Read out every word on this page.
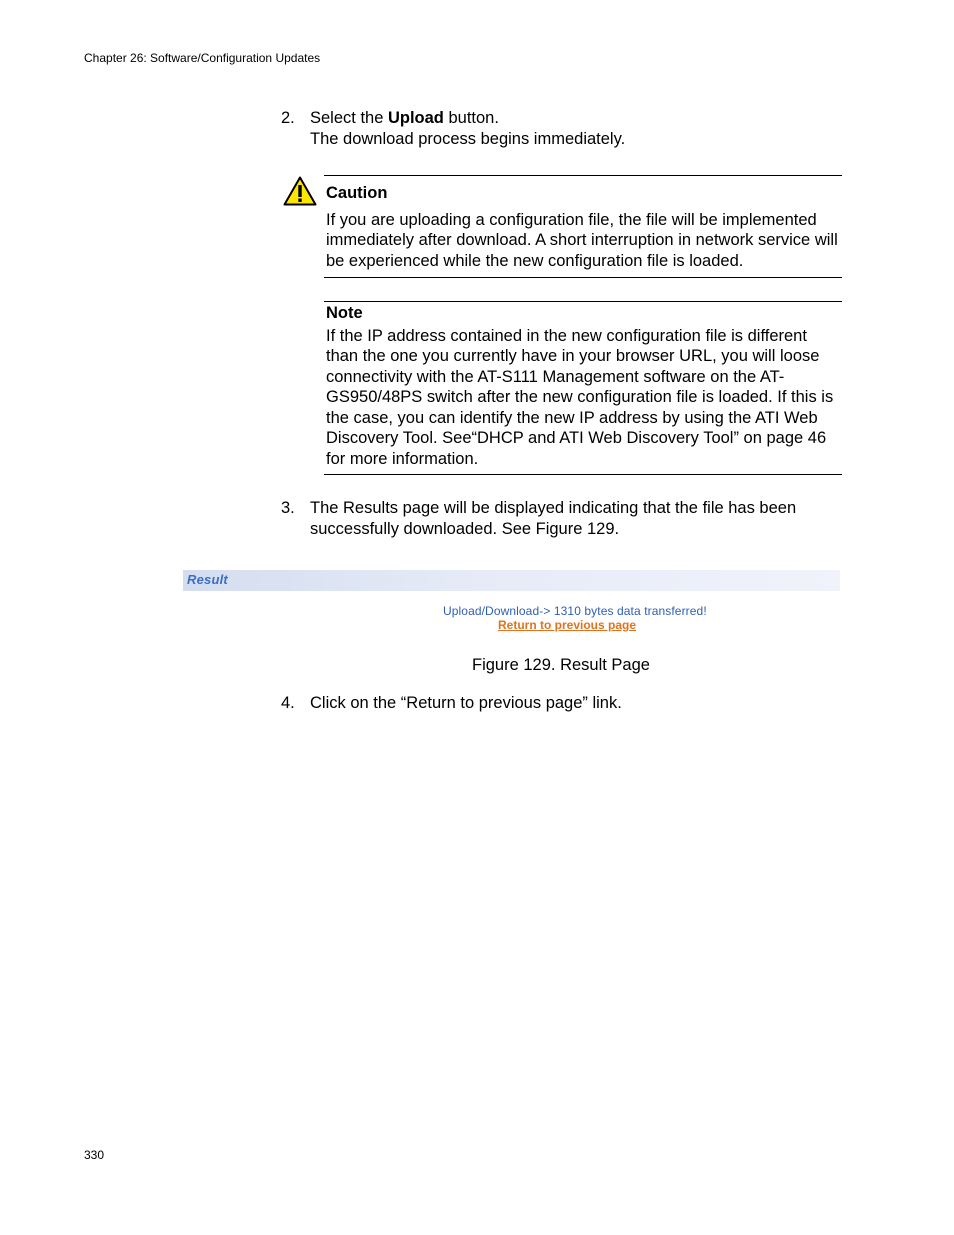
Chapter 26: Software/Configuration Updates
2. Select the Upload button.
The download process begins immediately.
Caution
If you are uploading a configuration file, the file will be implemented immediately after download. A short interruption in network service will be experienced while the new configuration file is loaded.
Note
If the IP address contained in the new configuration file is different than the one you currently have in your browser URL, you will loose connectivity with the AT-S111 Management software on the AT-GS950/48PS switch after the new configuration file is loaded. If this is the case, you can identify the new IP address by using the ATI Web Discovery Tool. See“DHCP and ATI Web Discovery Tool” on page 46 for more information.
3. The Results page will be displayed indicating that the file has been successfully downloaded. See Figure 129.
Result
Upload/Download-> 1310 bytes data transferred!
Return to previous page
Figure 129. Result Page
4. Click on the “Return to previous page” link.
330
